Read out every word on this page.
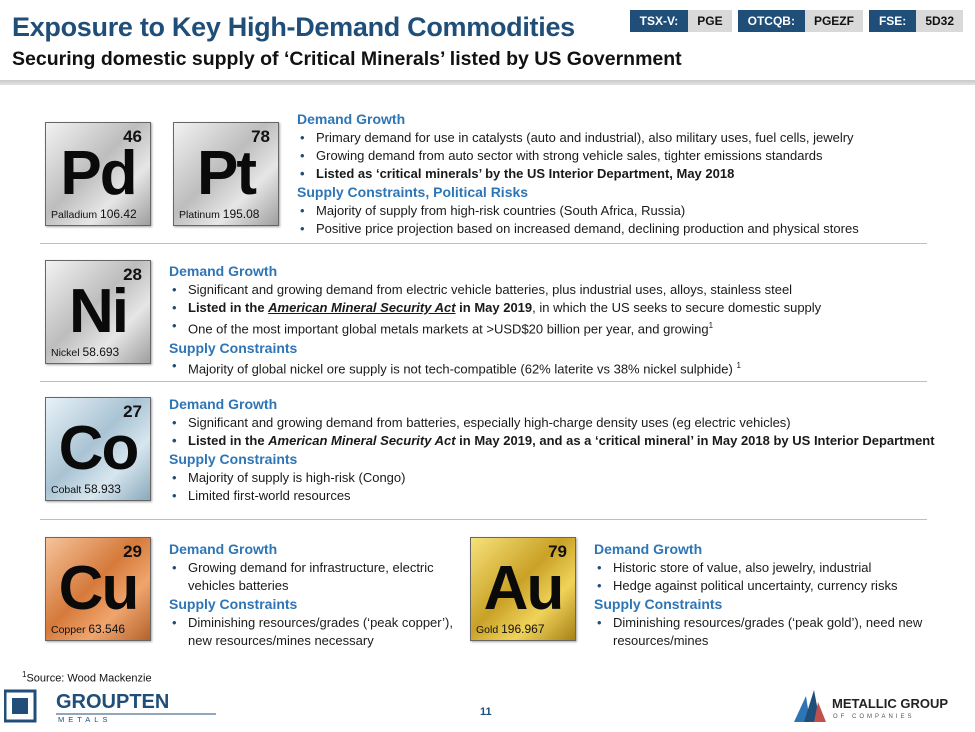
Exposure to Key High-Demand Commodities
Securing domestic supply of ‘Critical Minerals’ listed by US Government
TSX-V:	PGE	OTCQB:	PGEZF	FSE:	5D32
46
Pd
Palladium 106.42
78
Pt
Platinum 195.08
Demand Growth
• Primary demand for use in catalysts (auto and industrial), also military uses, fuel cells, jewelry
• Growing demand from auto sector with strong vehicle sales, tighter emissions standards
• Listed as ‘critical minerals’ by the US Interior Department, May 2018
Supply Constraints, Political Risks
• Majority of supply from high-risk countries (South Africa, Russia)
• Positive price projection based on increased demand, declining production and physical stores
28
Ni
Nickel 58.693
Demand Growth
• Significant and growing demand from electric vehicle batteries, plus industrial uses, alloys, stainless steel
• Listed in the American Mineral Security Act in May 2019, in which the US seeks to secure domestic supply
• One of the most important global metals markets at >USD$20 billion per year, and growing$^1$
Supply Constraints
• Majority of global nickel ore supply is not tech-compatible (62% laterite vs 38% nickel sulphide) $^1$
27
Co
Cobalt 58.933
Demand Growth
• Significant and growing demand from batteries, especially high-charge density uses (eg electric vehicles)
• Listed in the American Mineral Security Act in May 2019, and as a ‘critical mineral’ in May 2018 by US Interior Department
Supply Constraints
• Majority of supply is high-risk (Congo)
• Limited first-world resources
29
Cu
Copper 63.546
Demand Growth
• Growing demand for infrastructure, electric vehicles batteries
Supply Constraints
• Diminishing resources/grades (‘peak copper’), new resources/mines necessary
79
Au
Gold 196.967
Demand Growth
• Historic store of value, also jewelry, industrial
• Hedge against political uncertainty, currency risks
Supply Constraints
• Diminishing resources/grades (‘peak gold’), need new resources/mines
$^1$Source: Wood Mackenzie
11
GROUPTEN
METALS
METALLIC GROUP
OF COMPANIES
